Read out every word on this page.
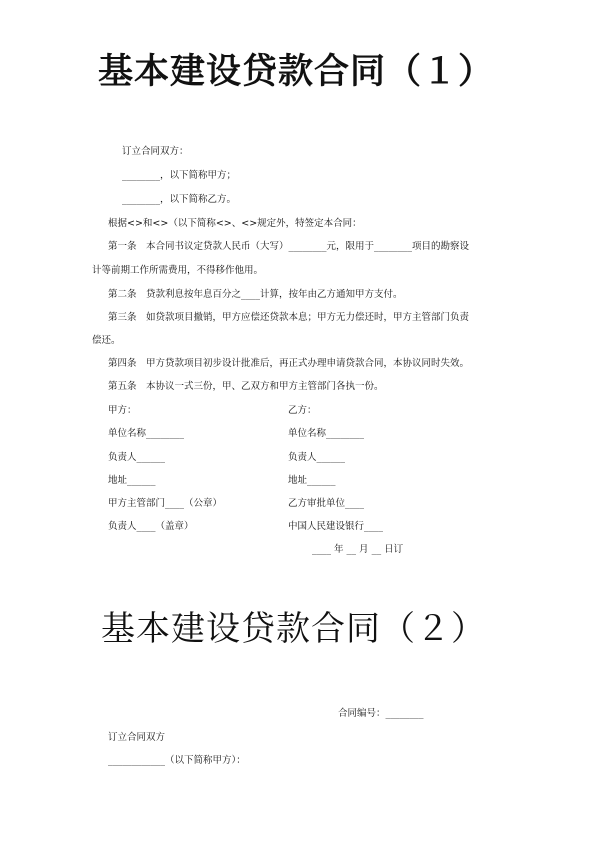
基本建设贷款合同（１）

订立合同双方：

________，以下简称甲方；

________，以下简称乙方。

根据<>和<>（以下简称<>、<>规定外，特签定本合同：

第一条　本合同书议定贷款人民币（大写）________元，限用于________项目的勘察设

计等前期工作所需费用，不得移作他用。

第二条　贷款利息按年息百分之____计算，按年由乙方通知甲方支付。

第三条　如贷款项目撤销，甲方应偿还贷款本息；甲方无力偿还时，甲方主管部门负责

偿还。

第四条　甲方贷款项目初步设计批准后，再正式办理申请贷款合同，本协议同时失效。

第五条　本协议一式三份，甲、乙双方和甲方主管部门各执一份。

甲方：	乙方：

单位名称________	单位名称________

负责人______	负责人______

地址______	地址______

甲方主管部门____（公章）	乙方审批单位____

负责人____（盖章）	中国人民建设银行____

____ 年 __ 月 __ 日订

基本建设贷款合同（２）

合同编号：________

订立合同双方

____________（以下简称甲方）：
